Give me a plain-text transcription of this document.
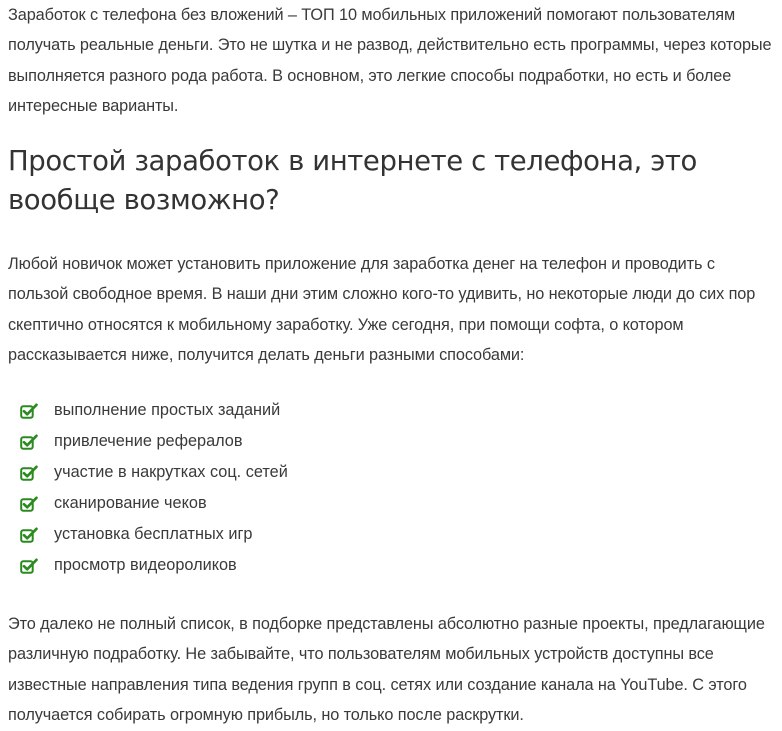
Заработок с телефона без вложений – ТОП 10 мобильных приложений помогают пользователям получать реальные деньги. Это не шутка и не развод, действительно есть программы, через которые выполняется разного рода работа. В основном, это легкие способы подработки, но есть и более интересные варианты.

Простой заработок в интернете с телефона, это вообще возможно?

Любой новичок может установить приложение для заработка денег на телефон и проводить с пользой свободное время. В наши дни этим сложно кого-то удивить, но некоторые люди до сих пор скептично относятся к мобильному заработку. Уже сегодня, при помощи софта, о котором рассказывается ниже, получится делать деньги разными способами:

выполнение простых заданий
привлечение рефералов
участие в накрутках соц. сетей
сканирование чеков
установка бесплатных игр
просмотр видеороликов

Это далеко не полный список, в подборке представлены абсолютно разные проекты, предлагающие различную подработку. Не забывайте, что пользователям мобильных устройств доступны все известные направления типа ведения групп в соц. сетях или создание канала на YouTube. С этого получается собирать огромную прибыль, но только после раскрутки.
